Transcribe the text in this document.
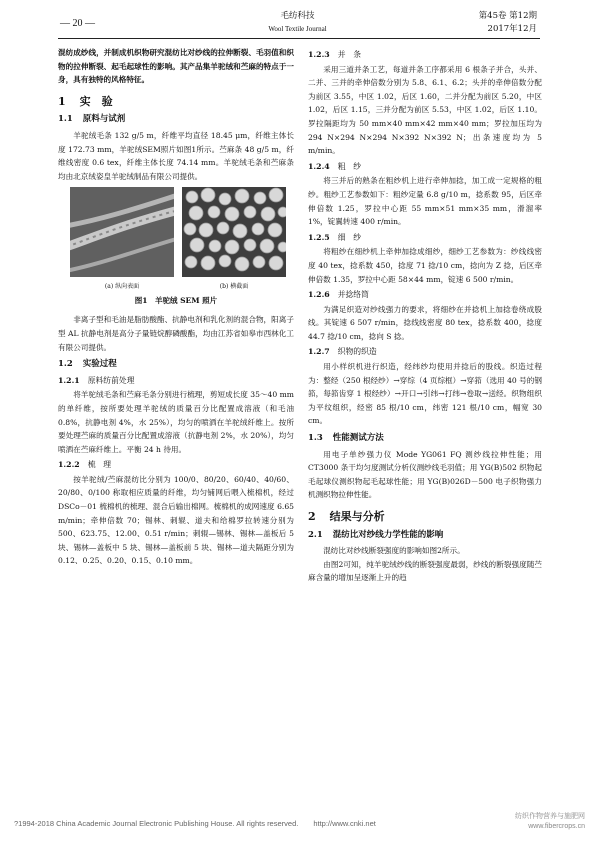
— 20 —
毛纺科技
Wool Textile Journal
第45卷 第12期
2017年12月

混纺成纱线，并制成机织物研究混纺比对纱线的拉伸断裂、毛羽值和织物的拉伸断裂、起毛起球性的影响。其产品集羊驼绒和苎麻的特点于一身，具有独特的风格特征。

1 实　验
1.1 原料与试剂

羊驼绒毛条 132 g/5 m，纤维平均直径 18.45 μm，纤维主体长度 172.73 mm，羊驼绒SEM照片如图1所示。苎麻条 48 g/5 m，纤维线密度 0.6 tex，纤维主体长度 74.14 mm。羊驼绒毛条和苎麻条均由北京绒姿皇羊驼绒制品有限公司提供。

(a) 纵向表面	(b) 横截面
图1　羊驼绒 SEM 照片

非离子型和毛油是脂肪酸酯、抗静电剂和乳化剂的混合物，阳离子型 AL 抗静电剂是高分子量链烷醇磷酸酯，均由江苏省如皋市西林化工有限公司提供。

1.2 实验过程
1.2.1 原料纺前处理

将羊驼绒毛条和苎麻毛条分别进行梳理，剪短成长度 35～40 mm 的单纤维，按所要处理羊驼绒的质量百分比配置成溶液（和毛油 0.8%，抗静电剂 4%，水 25%），均匀的喷洒在羊驼绒纤维上。按所要处理苎麻的质量百分比配置成溶液（抗静电剂 2%，水 20%），均匀喷洒在苎麻纤维上。平衡 24 h 待用。

1.2.2 梳　理

按羊驼绒/苎麻混纺比分别为 100/0、80/20、60/40、40/60、20/80、0/100 称取相应质量的纤维，均匀铺网后喂入梳棉机，经过 DSCo－01 梳棉机的梳理、混合后输出棉网。梳棉机的成网速度 6.65 m/min；牵伸倍数 70；锡林、刺辊、道夫和给棉罗拉转速分别为 500、623.75、12.00、0.51 r/min；刺辊—锡林、锡林—盖板后 5 块、锡林—盖板中 5 块、锡林—盖板前 5 块、锡林—道夫隔距分别为 0.12、0.25、0.20、0.15、0.10 mm。

1.2.3 并　条

采用三道并条工艺，每道并条工序都采用 6 根条子并合，头并、二并、三并的牵伸倍数分别为 5.8、6.1、6.2；头并的牵伸倍数分配为前区 3.55，中区 1.02，后区 1.60，二并分配为前区 5.20，中区 1.02，后区 1.15，三并分配为前区 5.53，中区 1.02，后区 1.10。罗拉隔距均为 50 mm×40 mm×42 mm×40 mm；罗拉加压均为 294 N×294 N×294 N×392 N×392 N；出条速度均为 5 m/min。

1.2.4 粗　纱

将三并后的熟条在粗纱机上进行牵伸加捻，加工成一定规格的粗纱。粗纱工艺参数如下：粗纱定量 6.8 g/10 m，捻系数 95，后区牵伸倍数 1.25，罗拉中心距 55 mm×51 mm×35 mm，滑溜率 1%，锭翼转速 400 r/min。

1.2.5 细　纱

将粗纱在细纱机上牵伸加捻成细纱，细纱工艺参数为：纱线线密度 40 tex，捻系数 450，捻度 71 捻/10 cm，捻向为 Z 捻，后区牵伸倍数 1.35，罗拉中心距 58×44 mm，锭速 6 500 r/min。

1.2.6 并捻络筒

为满足织造对纱线强力的要求，将细纱在并捻机上加捻卷绕成股线。其锭速 6 507 r/min，捻线线密度 80 tex，捻系数 400，捻度 44.7 捻/10 cm，捻向 S 捻。

1.2.7 织物的织造

用小样织机进行织造，经纬纱均使用并捻后的股线。织造过程为：整经（250 根经纱）→穿综（4 页综框）→穿筘（选用 40 号的钢筘，每筘齿穿 1 根经纱）→开口→引纬→打纬→卷取→送经。织物组织为平纹组织，经密 85 根/10 cm，纬密 121 根/10 cm，幅宽 30 cm。

1.3 性能测试方法

用电子单纱强力仪 Mode YG061 FQ 测纱线拉伸性能；用 CT3000 条干均匀度测试分析仪测纱线毛羽值；用 YG(B)502 织物起毛起球仪测织物起毛起球性能；用 YG(B)026D－500 电子织物强力机测织物拉伸性能。

2 结果与分析
2.1 混纺比对纱线力学性能的影响

混纺比对纱线断裂强度的影响如图2所示。

由图2可知，纯羊驼绒纱线的断裂强度最弱，纱线的断裂强度随苎麻含量的增加呈逐渐上升的趋

?1994-2018 China Academic Journal Electronic Publishing House. All rights reserved.　　http://www.cnki.net
纺织作物营养与施肥网
www.fibercrops.cn
